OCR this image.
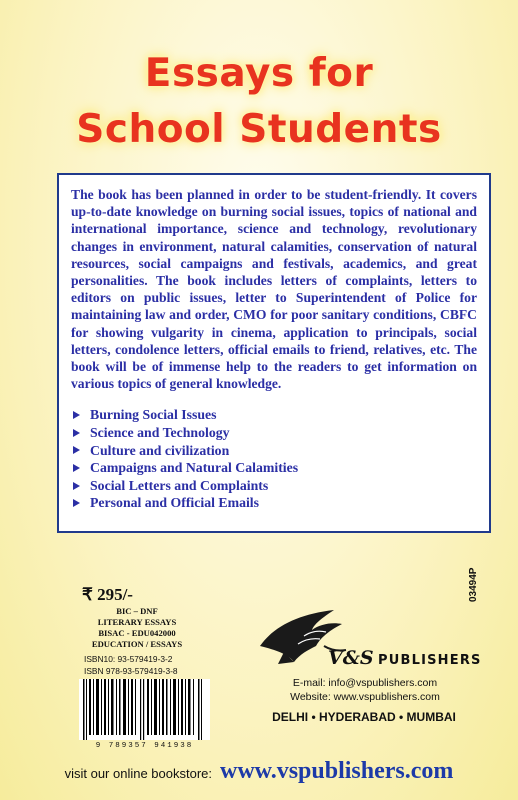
Essays for
School Students

The book has been planned in order to be student-friendly. It covers up-to-date knowledge on burning social issues, topics of national and international importance, science and technology, revolutionary changes in environment, natural calamities, conservation of natural resources, social campaigns and festivals, academics, and great personalities. The book includes letters of complaints, letters to editors on public issues, letter to Superintendent of Police for maintaining law and order, CMO for poor sanitary conditions, CBFC for showing vulgarity in cinema, application to principals, social letters, condolence letters, official emails to friend, relatives, etc. The book will be of immense help to the readers to get information on various topics of general knowledge.

Burning Social Issues
Science and Technology
Culture and civilization
Campaigns and Natural Calamities
Social Letters and Complaints
Personal and Official Emails
₹ 295/-
BIC – DNF
LITERARY ESSAYS
BISAC - EDU042000
EDUCATION / ESSAYS
ISBN10: 93-579419-3-2
ISBN 978-93-579419-3-8
9 789357 941938
03494P
V&S PUBLISHERS
E-mail: info@vspublishers.com
Website: www.vspublishers.com
DELHI • HYDERABAD • MUMBAI
visit our online bookstore: www.vspublishers.com
